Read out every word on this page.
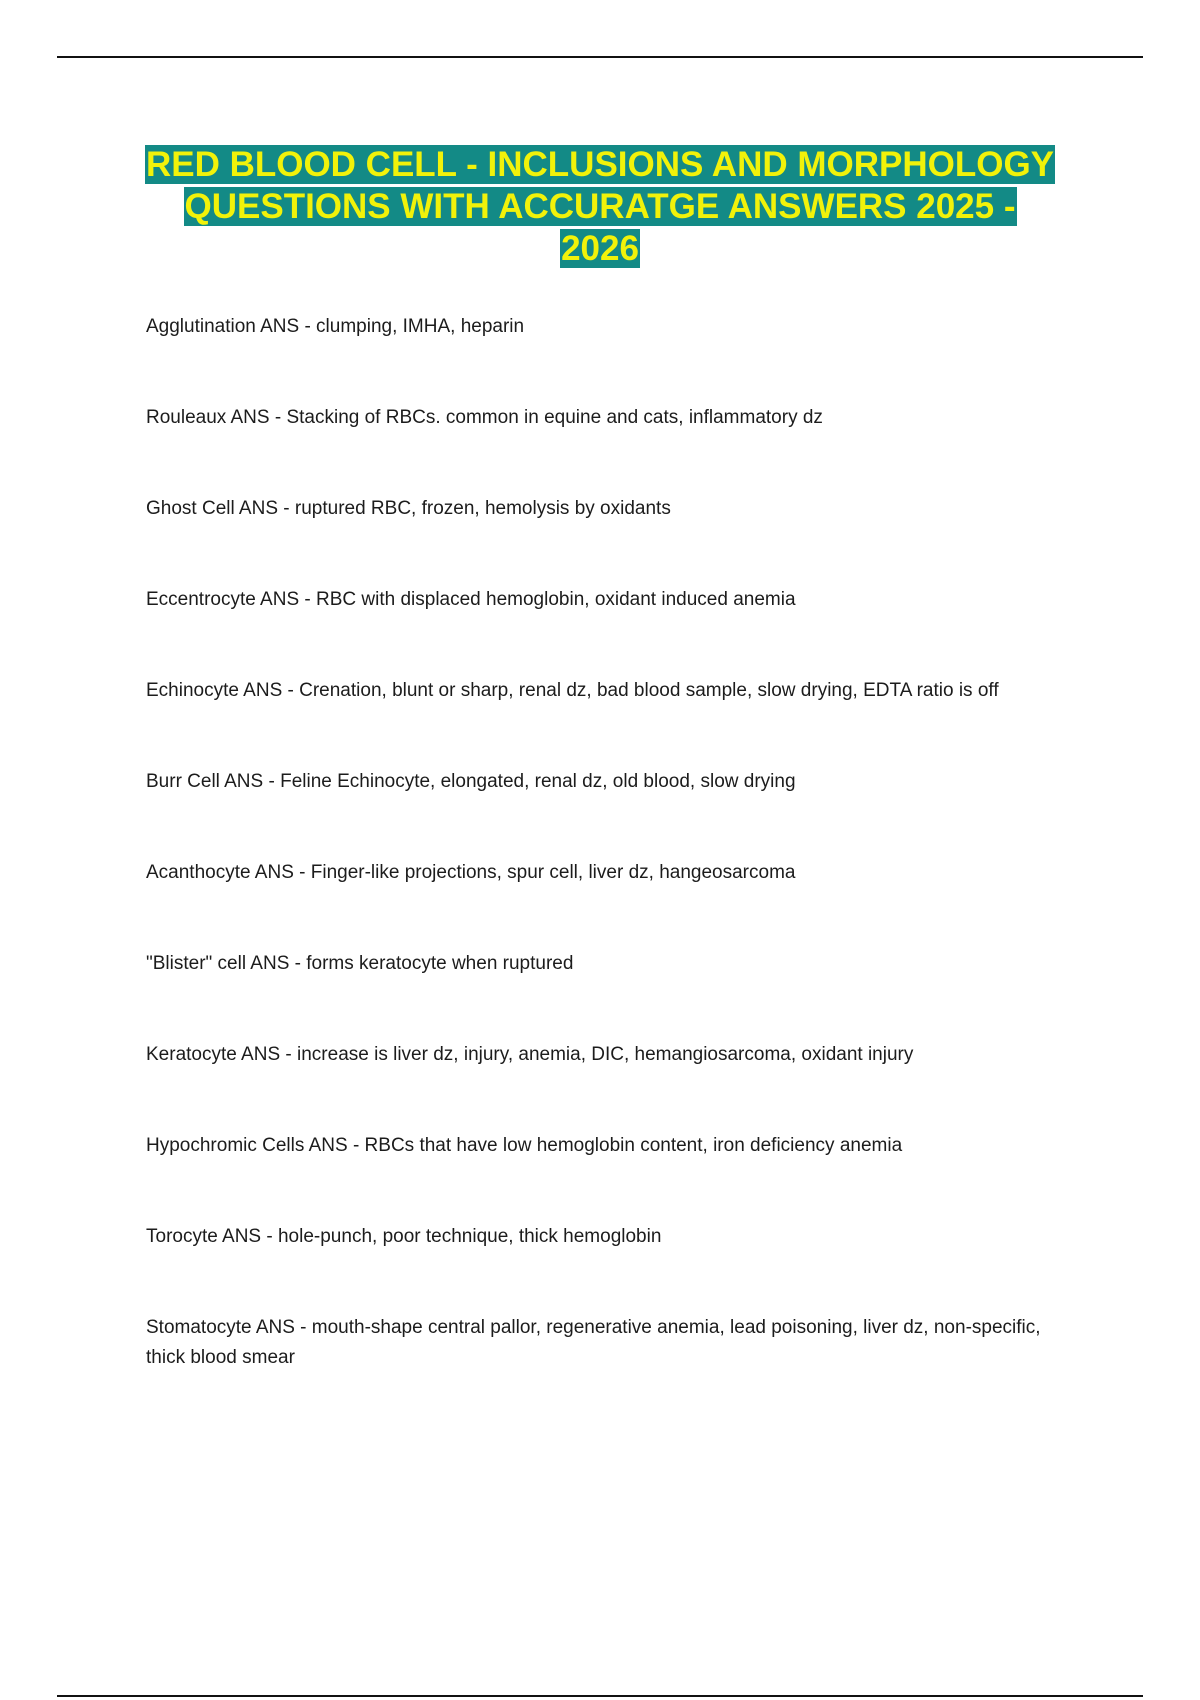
RED BLOOD CELL - INCLUSIONS AND MORPHOLOGY
QUESTIONS WITH ACCURATGE ANSWERS 2025 -
2026
Agglutination ANS - clumping, IMHA, heparin
Rouleaux ANS - Stacking of RBCs. common in equine and cats, inflammatory dz
Ghost Cell ANS - ruptured RBC, frozen, hemolysis by oxidants
Eccentrocyte ANS - RBC with displaced hemoglobin, oxidant induced anemia
Echinocyte ANS - Crenation, blunt or sharp, renal dz, bad blood sample, slow drying, EDTA ratio is off
Burr Cell ANS - Feline Echinocyte, elongated, renal dz, old blood, slow drying
Acanthocyte ANS - Finger-like projections, spur cell, liver dz, hangeosarcoma
"Blister" cell ANS - forms keratocyte when ruptured
Keratocyte ANS - increase is liver dz, injury, anemia, DIC, hemangiosarcoma, oxidant injury
Hypochromic Cells ANS - RBCs that have low hemoglobin content, iron deficiency anemia
Torocyte ANS - hole-punch, poor technique, thick hemoglobin
Stomatocyte ANS - mouth-shape central pallor, regenerative anemia, lead poisoning, liver dz, non-specific, thick blood smear
